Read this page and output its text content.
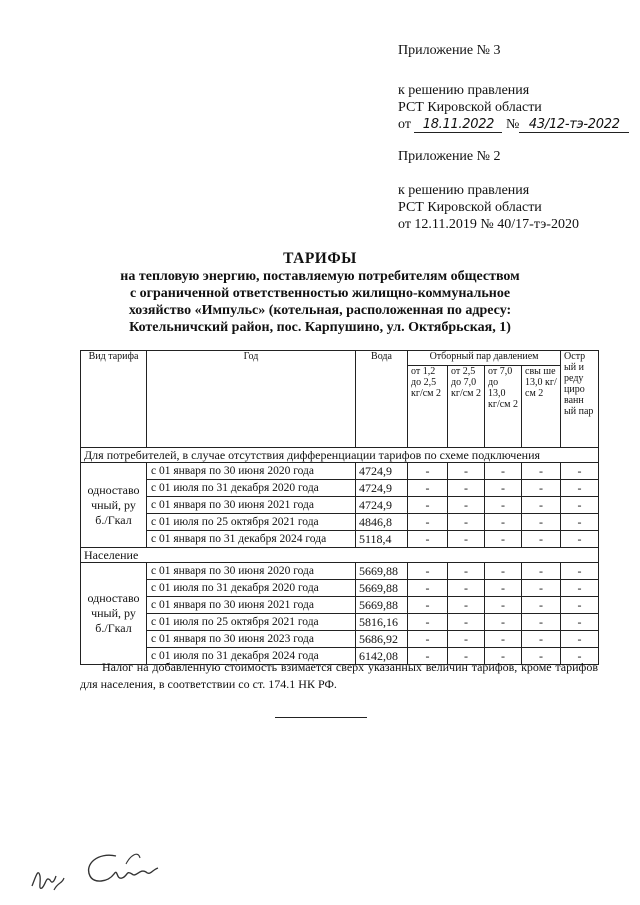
Приложение № 3
к решению правления
РСТ Кировской области
от 18.11.2022 № 43/12-тэ-2022
Приложение № 2
к решению правления
РСТ Кировской области
от 12.11.2019 № 40/17-тэ-2020
ТАРИФЫ
на тепловую энергию, поставляемую потребителям обществом
с ограниченной ответственностью жилищно-коммунальное
хозяйство «Импульс» (котельная, расположенная по адресу:
Котельничский район, пос. Карпушино, ул. Октябрьская, 1)
Вид тарифа	Год	Вода	Отборный пар давлением				Остр ый и реду циро ванн ый пар
			от 1,2 до 2,5 кг/см 2	от 2,5 до 7,0 кг/см 2	от 7,0 до 13,0 кг/см 2	свы ше 13,0 кг/см 2	
Для потребителей, в случае отсутствия дифференциации тарифов по схеме подключения							
одноставочный, руб./Гкал	с 01 января по 30 июня 2020 года	4724,9	-	-	-	-	-
	с 01 июля по 31 декабря 2020 года	4724,9	-	-	-	-	-
	с 01 января по 30 июня 2021 года	4724,9	-	-	-	-	-
	с 01 июля по 25 октября 2021 года	4846,8	-	-	-	-	-
	с 01 января по 31 декабря 2024 года	5118,4	-	-	-	-	-
Население							
одноставочный, руб./Гкал	с 01 января по 30 июня 2020 года	5669,88	-	-	-	-	-
	с 01 июля по 31 декабря 2020 года	5669,88	-	-	-	-	-
	с 01 января по 30 июня 2021 года	5669,88	-	-	-	-	-
	с 01 июля по 25 октября 2021 года	5816,16	-	-	-	-	-
	с 01 января по 30 июня 2023 года	5686,92	-	-	-	-	-
	с 01 июля по 31 декабря 2024 года	6142,08	-	-	-	-	-
Налог на добавленную стоимость взимается сверх указанных величин тарифов, кроме тарифов для населения, в соответствии со ст. 174.1 НК РФ.
